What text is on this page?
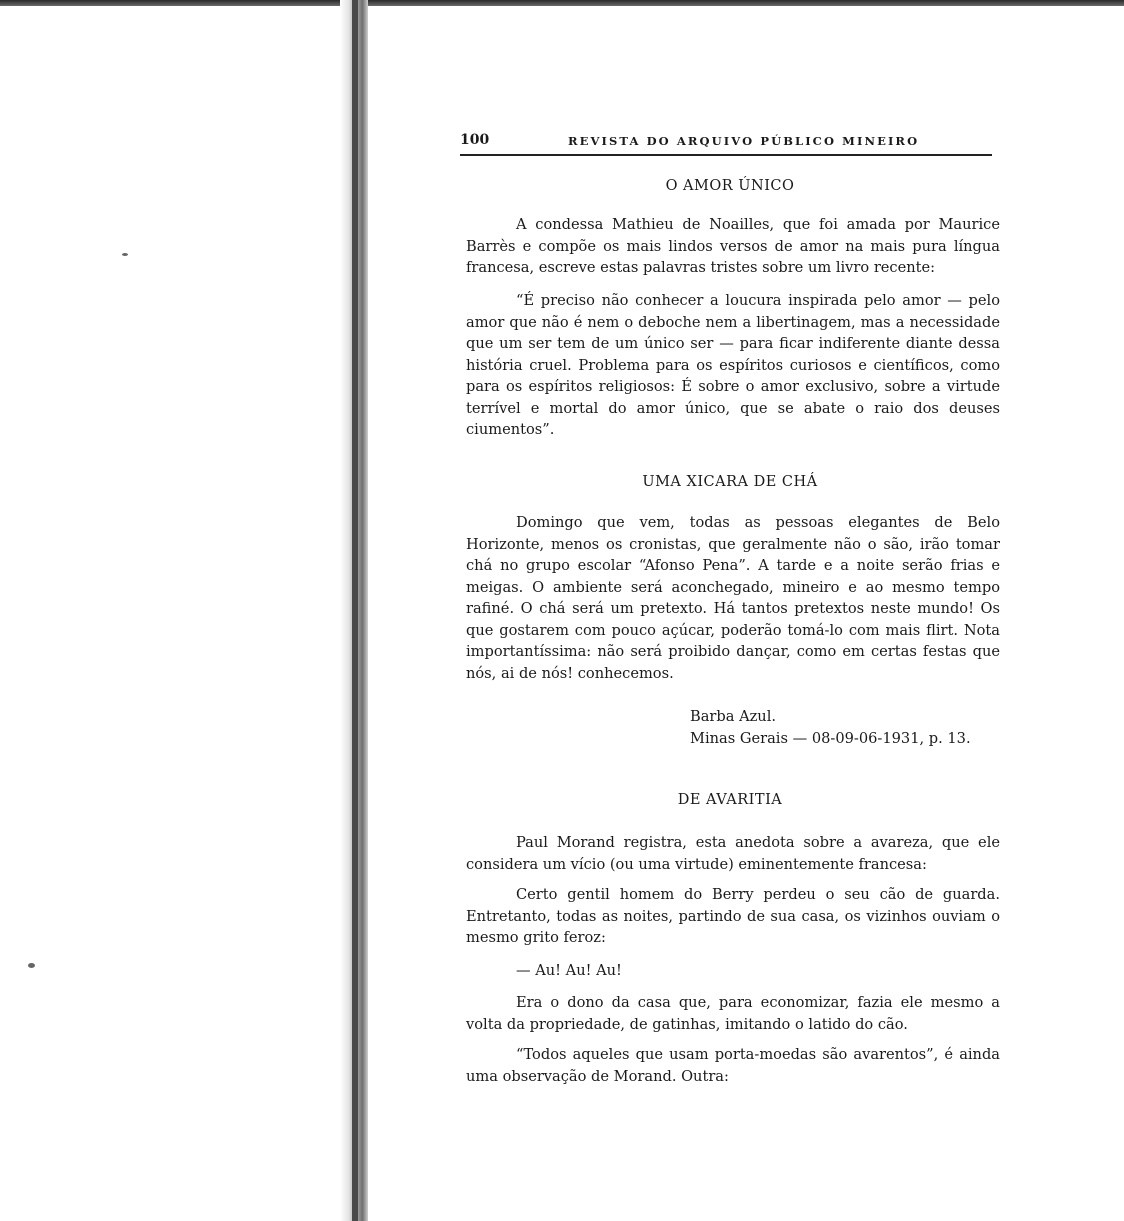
100	REVISTA DO ARQUIVO PÚBLICO MINEIRO
O AMOR ÚNICO
A condessa Mathieu de Noailles, que foi amada por Maurice Barrès e compõe os mais lindos versos de amor na mais pura língua francesa, escreve estas palavras tristes sobre um livro recente:
“É preciso não conhecer a loucura inspirada pelo amor — pelo amor que não é nem o deboche nem a libertinagem, mas a necessidade que um ser tem de um único ser — para ficar indiferente diante dessa história cruel. Problema para os espíritos curiosos e científicos, como para os espíritos religiosos: É sobre o amor exclusivo, sobre a virtude terrível e mortal do amor único, que se abate o raio dos deuses ciumentos”.
UMA XICARA DE CHÁ
Domingo que vem, todas as pessoas elegantes de Belo Horizonte, menos os cronistas, que geralmente não o são, irão tomar chá no grupo escolar “Afonso Pena”. A tarde e a noite serão frias e meigas. O ambiente será aconchegado, mineiro e ao mesmo tempo rafiné. O chá será um pretexto. Há tantos pretextos neste mundo! Os que gostarem com pouco açúcar, poderão tomá-lo com mais flirt. Nota importantíssima: não será proibido dançar, como em certas festas que nós, ai de nós! conhecemos.
Barba Azul.
Minas Gerais — 08-09-06-1931, p. 13.
DE AVARITIA
Paul Morand registra, esta anedota sobre a avareza, que ele considera um vício (ou uma virtude) eminentemente francesa:
Certo gentil homem do Berry perdeu o seu cão de guarda. Entretanto, todas as noites, partindo de sua casa, os vizinhos ouviam o mesmo grito feroz:
— Au! Au! Au!
Era o dono da casa que, para economizar, fazia ele mesmo a volta da propriedade, de gatinhas, imitando o latido do cão.
“Todos aqueles que usam porta-moedas são avarentos”, é ainda uma observação de Morand. Outra:
